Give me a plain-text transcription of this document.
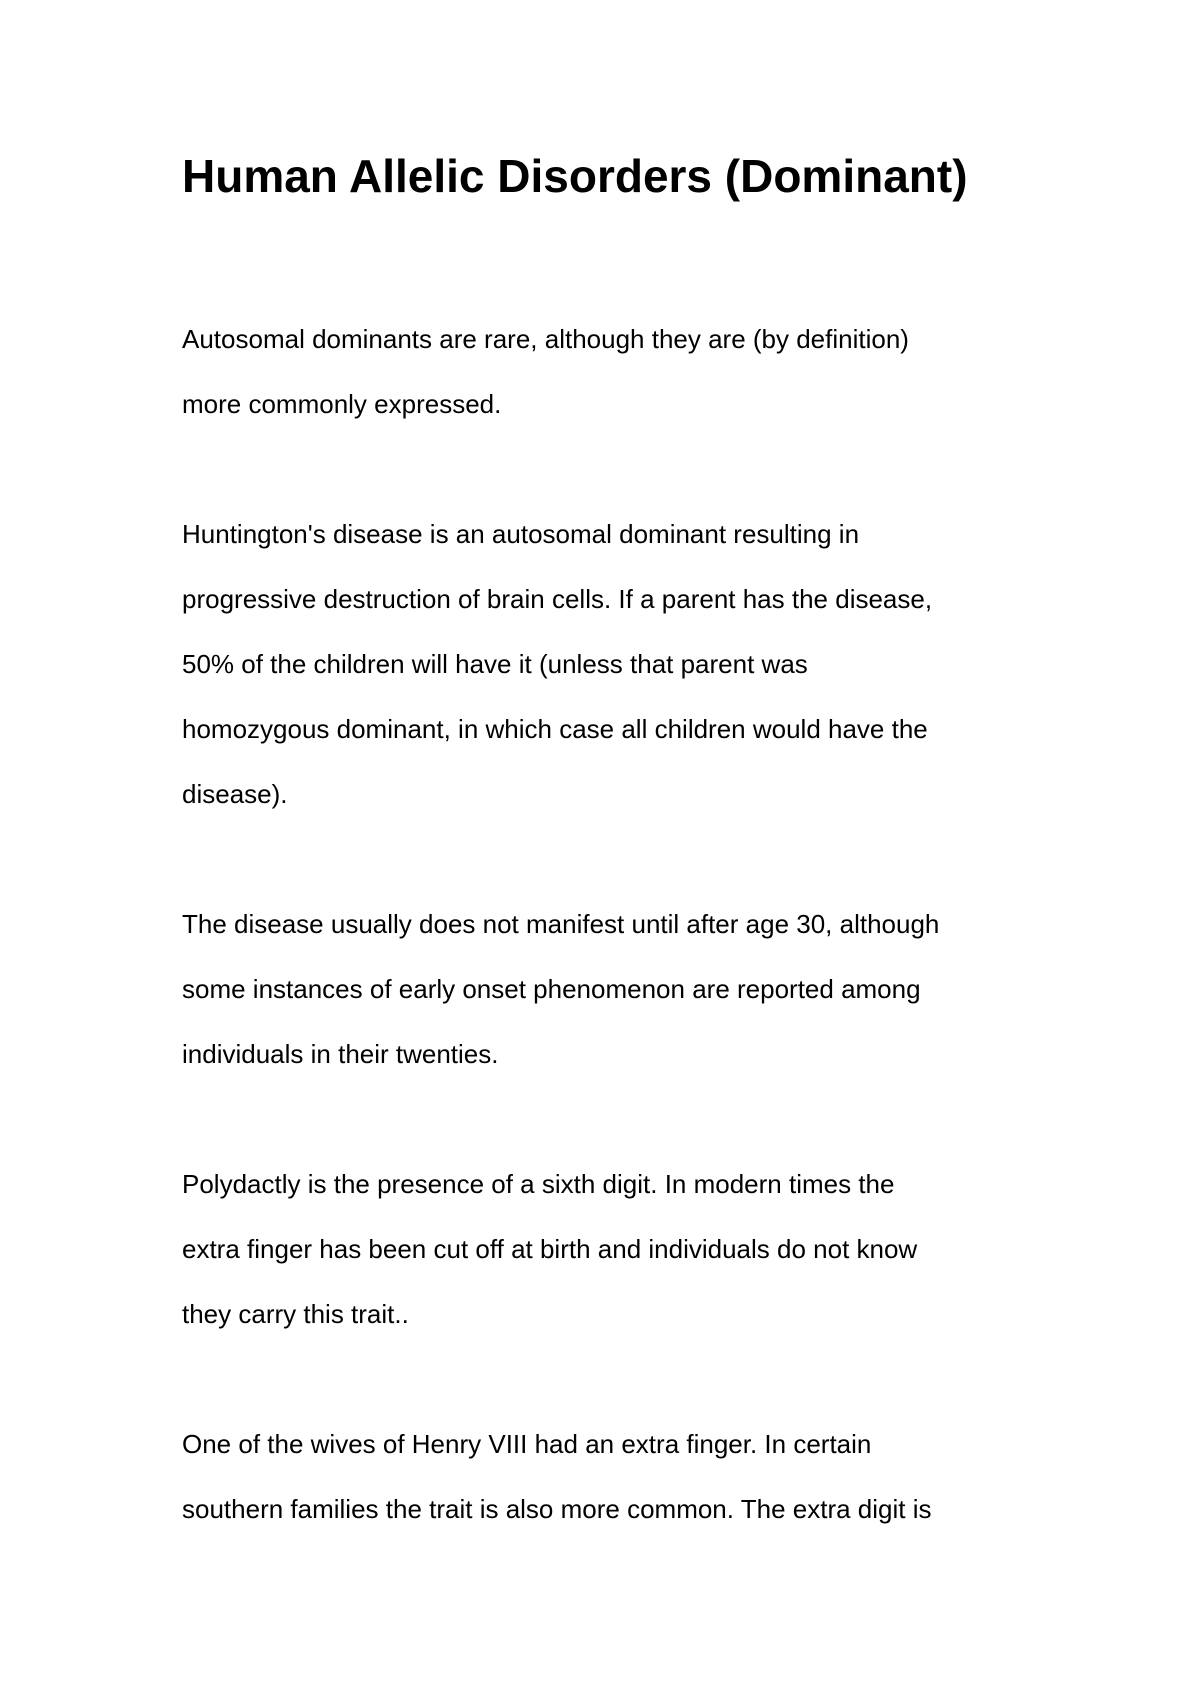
Human Allelic Disorders (Dominant)

Autosomal dominants are rare, although they are (by definition)

more commonly expressed.

Huntington's disease is an autosomal dominant resulting in

progressive destruction of brain cells. If a parent has the disease,

50% of the children will have it (unless that parent was

homozygous dominant, in which case all children would have the

disease).

The disease usually does not manifest until after age 30, although

some instances of early onset phenomenon are reported among

individuals in their twenties.

Polydactly is the presence of a sixth digit. In modern times the

extra finger has been cut off at birth and individuals do not know

they carry this trait..

One of the wives of Henry VIII had an extra finger. In certain

southern families the trait is also more common. The extra digit is
